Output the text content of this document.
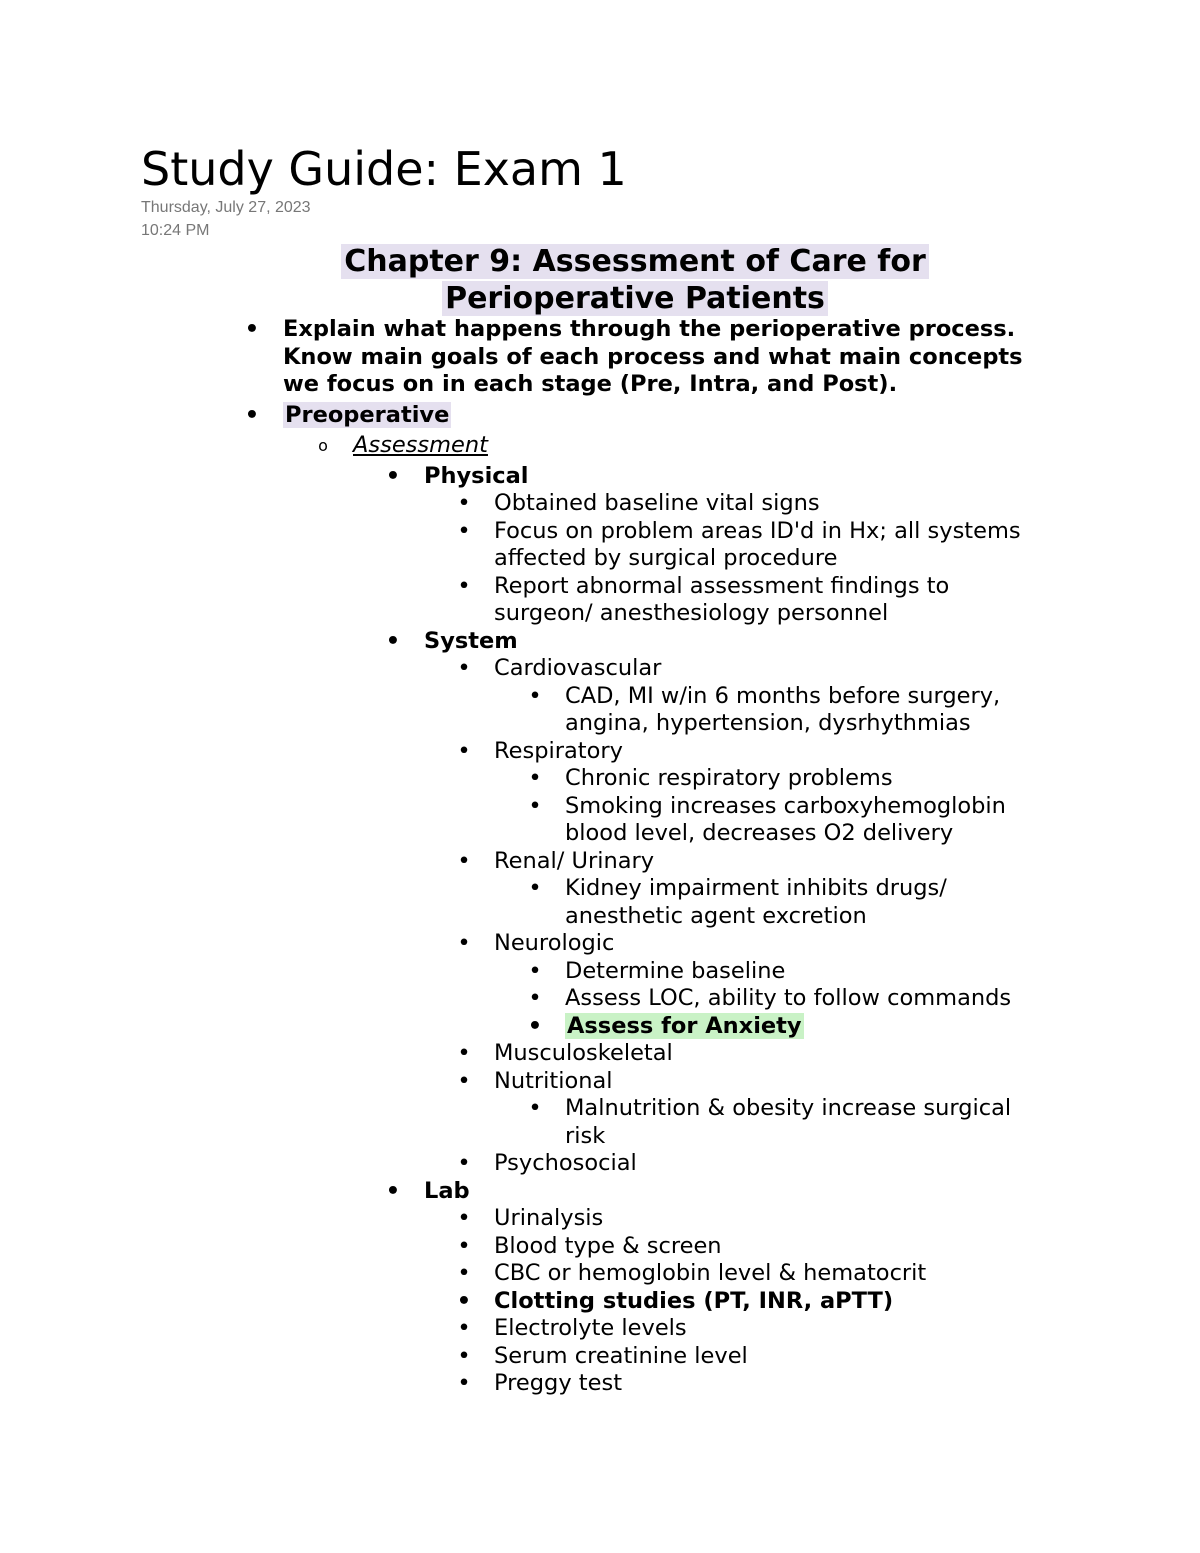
Study Guide: Exam 1
Thursday, July 27, 2023
10:24 PM
Chapter 9: Assessment of Care for
Perioperative Patients
• Explain what happens through the perioperative process.
Know main goals of each process and what main concepts
we focus on in each stage (Pre, Intra, and Post).
• Preoperative
o Assessment
• Physical
• Obtained baseline vital signs
• Focus on problem areas ID'd in Hx; all systems
affected by surgical procedure
• Report abnormal assessment findings to
surgeon/ anesthesiology personnel
• System
• Cardiovascular
• CAD, MI w/in 6 months before surgery,
angina, hypertension, dysrhythmias
• Respiratory
• Chronic respiratory problems
• Smoking increases carboxyhemoglobin
blood level, decreases O2 delivery
• Renal/ Urinary
• Kidney impairment inhibits drugs/
anesthetic agent excretion
• Neurologic
• Determine baseline
• Assess LOC, ability to follow commands
• Assess for Anxiety
• Musculoskeletal
• Nutritional
• Malnutrition & obesity increase surgical
risk
• Psychosocial
• Lab
• Urinalysis
• Blood type & screen
• CBC or hemoglobin level & hematocrit
• Clotting studies (PT, INR, aPTT)
• Electrolyte levels
• Serum creatinine level
• Preggy test
